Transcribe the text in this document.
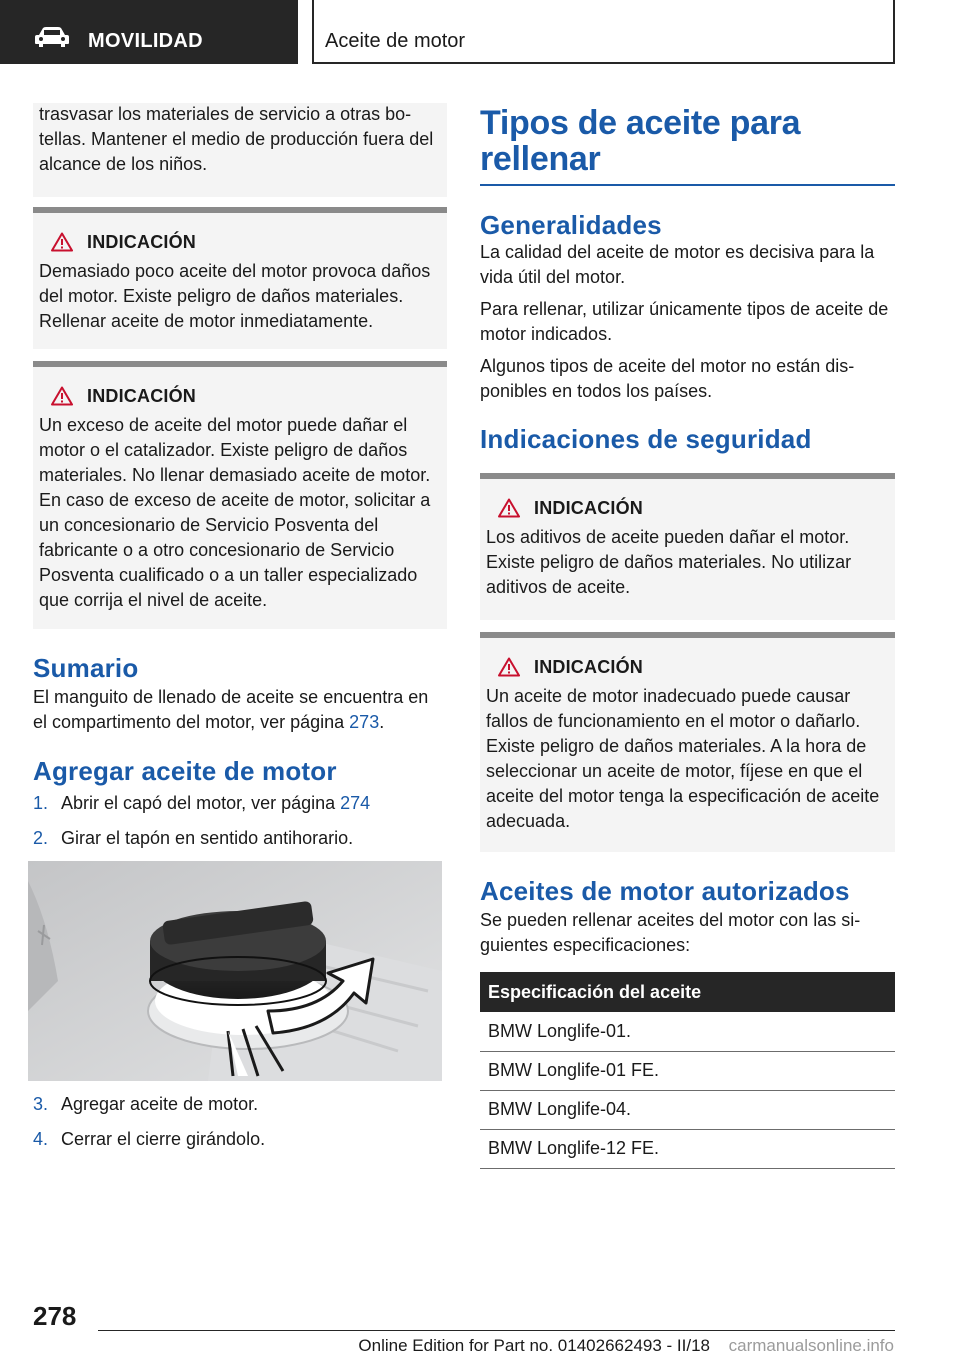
MOVILIDAD	Aceite de motor

trasvasar los materiales de servicio a otras botellas. Mantener el medio de producción fuera del alcance de los niños.

INDICACIÓN

Demasiado poco aceite del motor provoca daños del motor. Existe peligro de daños materiales. Rellenar aceite de motor inmediatamente.

INDICACIÓN

Un exceso de aceite del motor puede dañar el motor o el catalizador. Existe peligro de daños materiales. No llenar demasiado aceite de motor. En caso de exceso de aceite de motor, solicitar a un concesionario de Servicio Posventa del fabricante o a otro concesionario de Servicio Posventa cualificado o a un taller especializado que corrija el nivel de aceite.

Sumario

El manguito de llenado de aceite se encuentra en el compartimento del motor, ver página 273.

Agregar aceite de motor
1. Abrir el capó del motor, ver página 274
2. Girar el tapón en sentido antihorario.
3. Agregar aceite de motor.
4. Cerrar el cierre girándolo.
Tipos de aceite para rellenar
Generalidades

La calidad del aceite de motor es decisiva para la vida útil del motor.

Para rellenar, utilizar únicamente tipos de aceite de motor indicados.

Algunos tipos de aceite del motor no están disponibles en todos los países.

Indicaciones de seguridad
INDICACIÓN

Los aditivos de aceite pueden dañar el motor. Existe peligro de daños materiales. No utilizar aditivos de aceite.

INDICACIÓN

Un aceite de motor inadecuado puede causar fallos de funcionamiento en el motor o dañarlo. Existe peligro de daños materiales. A la hora de seleccionar un aceite de motor, fíjese en que el aceite del motor tenga la especificación de aceite adecuada.

Aceites de motor autorizados

Se pueden rellenar aceites del motor con las siguientes especificaciones:

Especificación del aceite
BMW Longlife-01.
BMW Longlife-01 FE.
BMW Longlife-04.
BMW Longlife-12 FE.
278
Online Edition for Part no. 01402662493 - II/18 carmanualsonline.info
